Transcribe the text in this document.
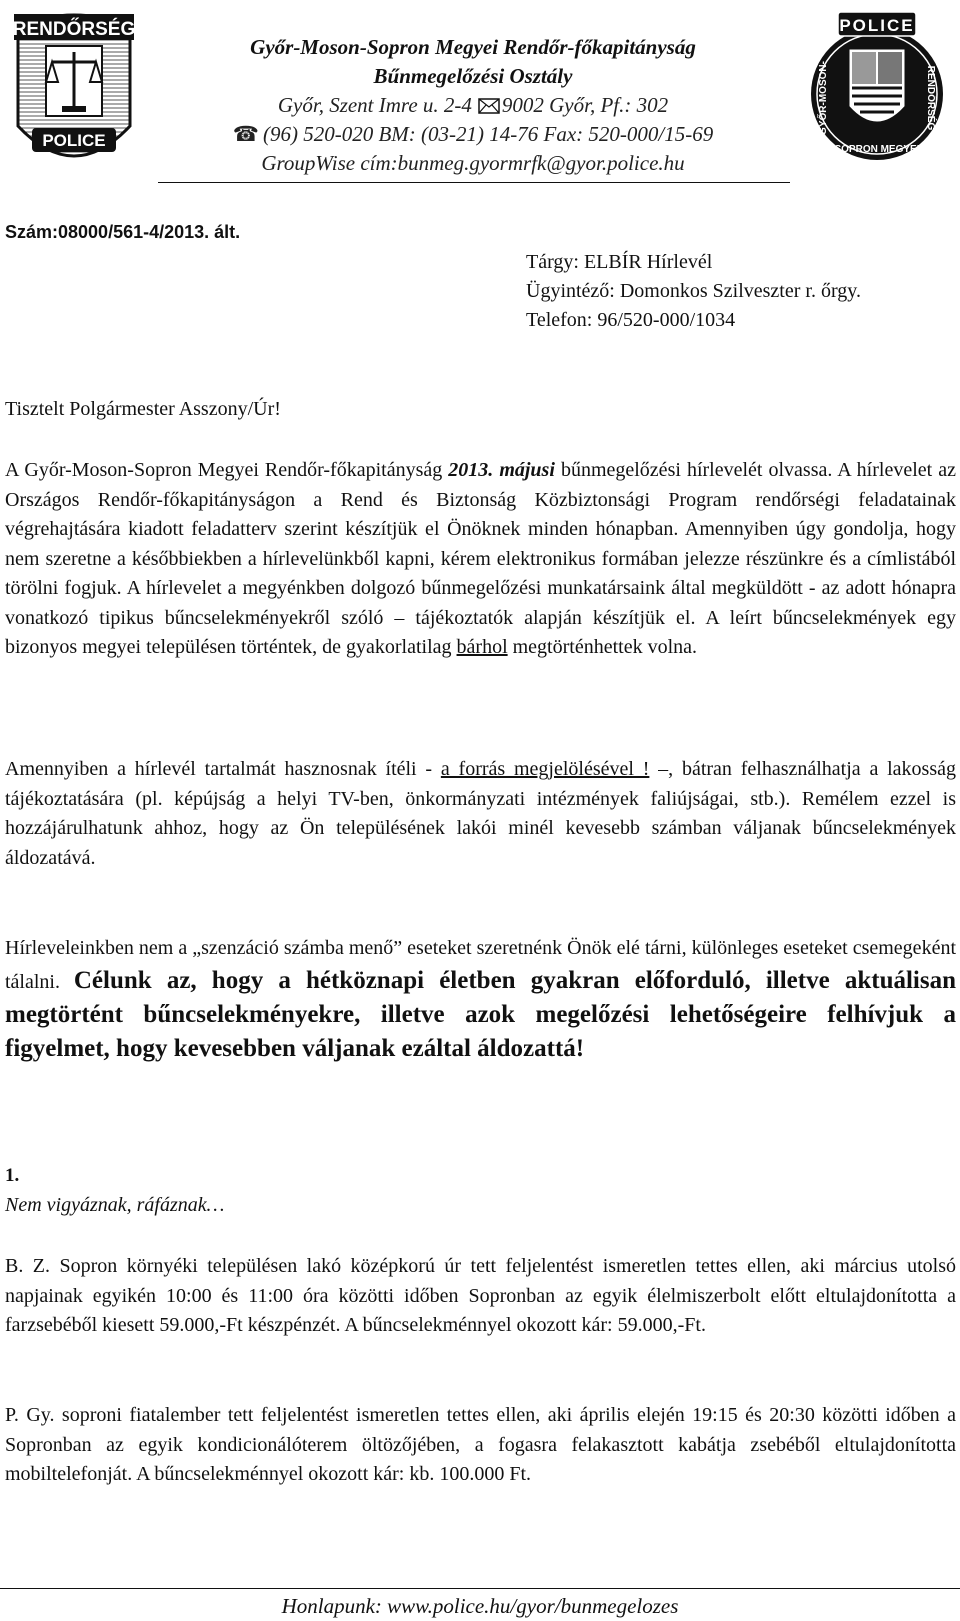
RENDŐRSÉG
POLICE
Győr-Moson-Sopron Megyei Rendőr-főkapitányság
Bűnmegelőzési Osztály
Győr, Szent Imre u. 2-4 9002 Győr, Pf.: 302
☎ (96) 520-020 BM: (03-21) 14-76 Fax: 520-000/15-69
GroupWise cím:bunmeg.gyormrfk@gyor.police.hu
POLICE
GYŐR-MOSON-	RENDŐRSÉG
SOPRON MEGYEI
Szám:08000/561-4/2013. ált.
Tárgy: ELBÍR Hírlevél
Ügyintéző: Domonkos Szilveszter r. őrgy.
Telefon: 96/520-000/1034
Tisztelt Polgármester Asszony/Úr!
A Győr-Moson-Sopron Megyei Rendőr-főkapitányság 2013. májusi bűnmegelőzési hírlevelét olvassa. A hírlevelet az Országos Rendőr-főkapitányságon a Rend és Biztonság Közbiztonsági Program rendőrségi feladatainak végrehajtására kiadott feladatterv szerint készítjük el Önöknek minden hónapban. Amennyiben úgy gondolja, hogy nem szeretne a későbbiekben a hírlevelünkből kapni, kérem elektronikus formában jelezze részünkre és a címlistából törölni fogjuk. A hírlevelet a megyénkben dolgozó bűnmegelőzési munkatársaink által megküldött - az adott hónapra vonatkozó tipikus bűncselekményekről szóló – tájékoztatók alapján készítjük el. A leírt bűncselekmények egy bizonyos megyei településen történtek, de gyakorlatilag bárhol megtörténhettek volna.
Amennyiben a hírlevél tartalmát hasznosnak ítéli - a forrás megjelölésével ! –, bátran felhasználhatja a lakosság tájékoztatására (pl. képújság a helyi TV-ben, önkormányzati intézmények faliújságai, stb.). Remélem ezzel is hozzájárulhatunk ahhoz, hogy az Ön településének lakói minél kevesebb számban váljanak bűncselekmények áldozatává.
Hírleveleinkben nem a „szenzáció számba menő” eseteket szeretnénk Önök elé tárni, különleges eseteket csemegeként tálalni. Célunk az, hogy a hétköznapi életben gyakran előforduló, illetve aktuálisan megtörtént bűncselekményekre, illetve azok megelőzési lehetőségeire felhívjuk a figyelmet, hogy kevesebben váljanak ezáltal áldozattá!
1.
Nem vigyáznak, ráfáznak…
B. Z. Sopron környéki településen lakó középkorú úr tett feljelentést ismeretlen tettes ellen, aki március utolsó napjainak egyikén 10:00 és 11:00 óra közötti időben Sopronban az egyik élelmiszerbolt előtt eltulajdonította a farzsebéből kiesett 59.000,-Ft készpénzét. A bűncselekménnyel okozott kár: 59.000,-Ft.
P. Gy. soproni fiatalember tett feljelentést ismeretlen tettes ellen, aki április elején 19:15 és 20:30 közötti időben a Sopronban az egyik kondicionálóterem öltözőjében, a fogasra felakasztott kabátja zsebéből eltulajdonította mobiltelefonját. A bűncselekménnyel okozott kár: kb. 100.000 Ft.
Honlapunk: www.police.hu/gyor/bunmegelozes
